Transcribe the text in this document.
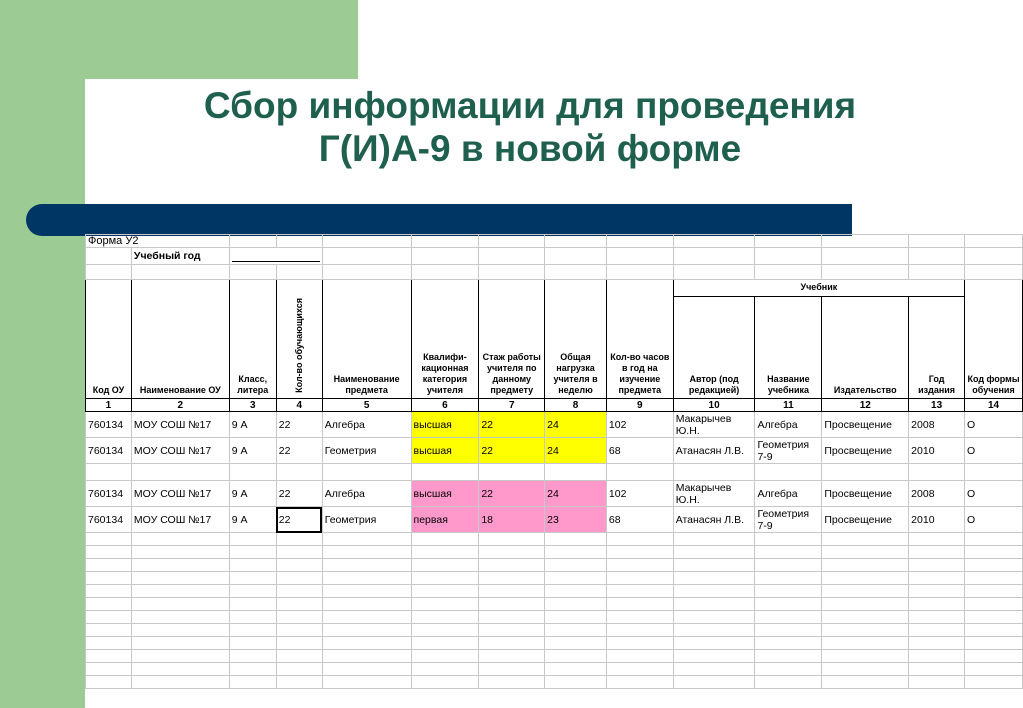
Сбор информации для проведения
Г(И)А-9 в новой форме
Форма У2													
	Учебный год												

Код ОУ	Наименование ОУ	Класс, литера	Кол-во обучающихся	Наименование предмета	Квалифи-кационная категория учителя	Стаж работы учителя по данному предмету	Общая нагрузка учителя в неделю	Кол-во часов в год на изучение предмета	Учебник				Код формы обучения
									Автор (под редакцией)	Название учебника	Издательство	Год издания	
1	2	3	4	5	6	7	8	9	10	11	12	13	14
760134	МОУ СОШ №17	9 А	22	Алгебра	высшая	22	24	102	Макарычев Ю.Н.	Алгебра	Просвещение	2008	О
760134	МОУ СОШ №17	9 А	22	Геометрия	высшая	22	24	68	Атанасян Л.В.	Геометрия 7-9	Просвещение	2010	О

760134	МОУ СОШ №17	9 А	22	Алгебра	высшая	22	24	102	Макарычев Ю.Н.	Алгебра	Просвещение	2008	О
760134	МОУ СОШ №17	9 А	22	Геометрия	первая	18	23	68	Атанасян Л.В.	Геометрия 7-9	Просвещение	2010	О
